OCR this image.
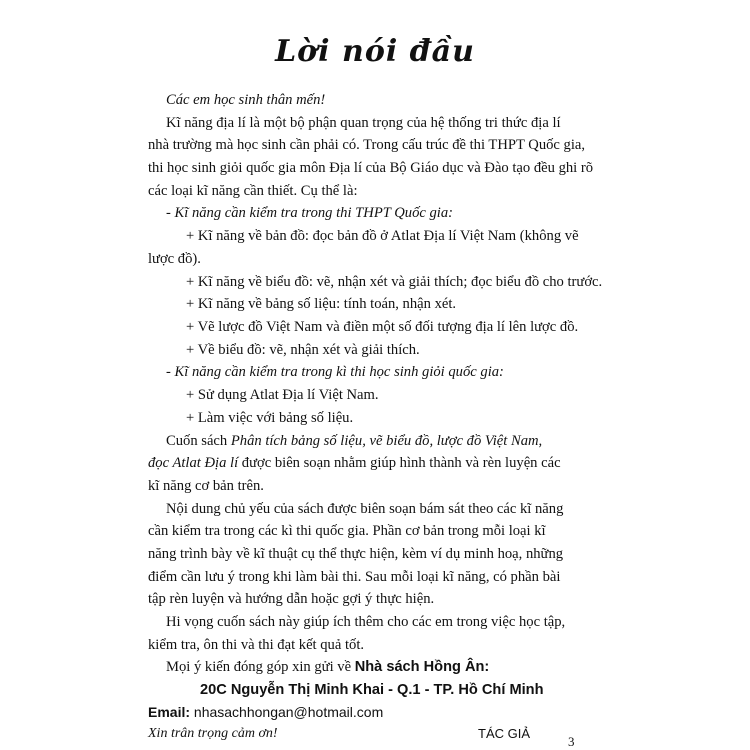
Lời nói đầu
Các em học sinh thân mến!
Kĩ năng địa lí là một bộ phận quan trọng của hệ thống tri thức địa lí
nhà trường mà học sinh cần phải có. Trong cấu trúc đề thi THPT Quốc gia,
thi học sinh giỏi quốc gia môn Địa lí của Bộ Giáo dục và Đào tạo đều ghi rõ
các loại kĩ năng cần thiết. Cụ thể là:
- Kĩ năng cần kiểm tra trong thi THPT Quốc gia:
+ Kĩ năng về bản đồ: đọc bản đồ ở Atlat Địa lí Việt Nam (không vẽ
lược đồ).
+ Kĩ năng về biểu đồ: vẽ, nhận xét và giải thích; đọc biểu đồ cho trước.
+ Kĩ năng về bảng số liệu: tính toán, nhận xét.
+ Vẽ lược đồ Việt Nam và điền một số đối tượng địa lí lên lược đồ.
+ Về biểu đồ: vẽ, nhận xét và giải thích.
- Kĩ năng cần kiểm tra trong kì thi học sinh giỏi quốc gia:
+ Sử dụng Atlat Địa lí Việt Nam.
+ Làm việc với bảng số liệu.
Cuốn sách Phân tích bảng số liệu, vẽ biểu đồ, lược đồ Việt Nam,
đọc Atlat Địa lí được biên soạn nhằm giúp hình thành và rèn luyện các
kĩ năng cơ bản trên.
Nội dung chủ yếu của sách được biên soạn bám sát theo các kĩ năng
cần kiểm tra trong các kì thi quốc gia. Phần cơ bản trong mỗi loại kĩ
năng trình bày về kĩ thuật cụ thể thực hiện, kèm ví dụ minh hoạ, những
điểm cần lưu ý trong khi làm bài thi. Sau mỗi loại kĩ năng, có phần bài
tập rèn luyện và hướng dẫn hoặc gợi ý thực hiện.
Hi vọng cuốn sách này giúp ích thêm cho các em trong việc học tập,
kiểm tra, ôn thi và thi đạt kết quả tốt.
Mọi ý kiến đóng góp xin gửi về Nhà sách Hồng Ân:
20C Nguyễn Thị Minh Khai - Q.1 - TP. Hồ Chí Minh
Email: nhasachhongan@hotmail.com
Xin trân trọng cảm ơn!	TÁC GIẢ
3
